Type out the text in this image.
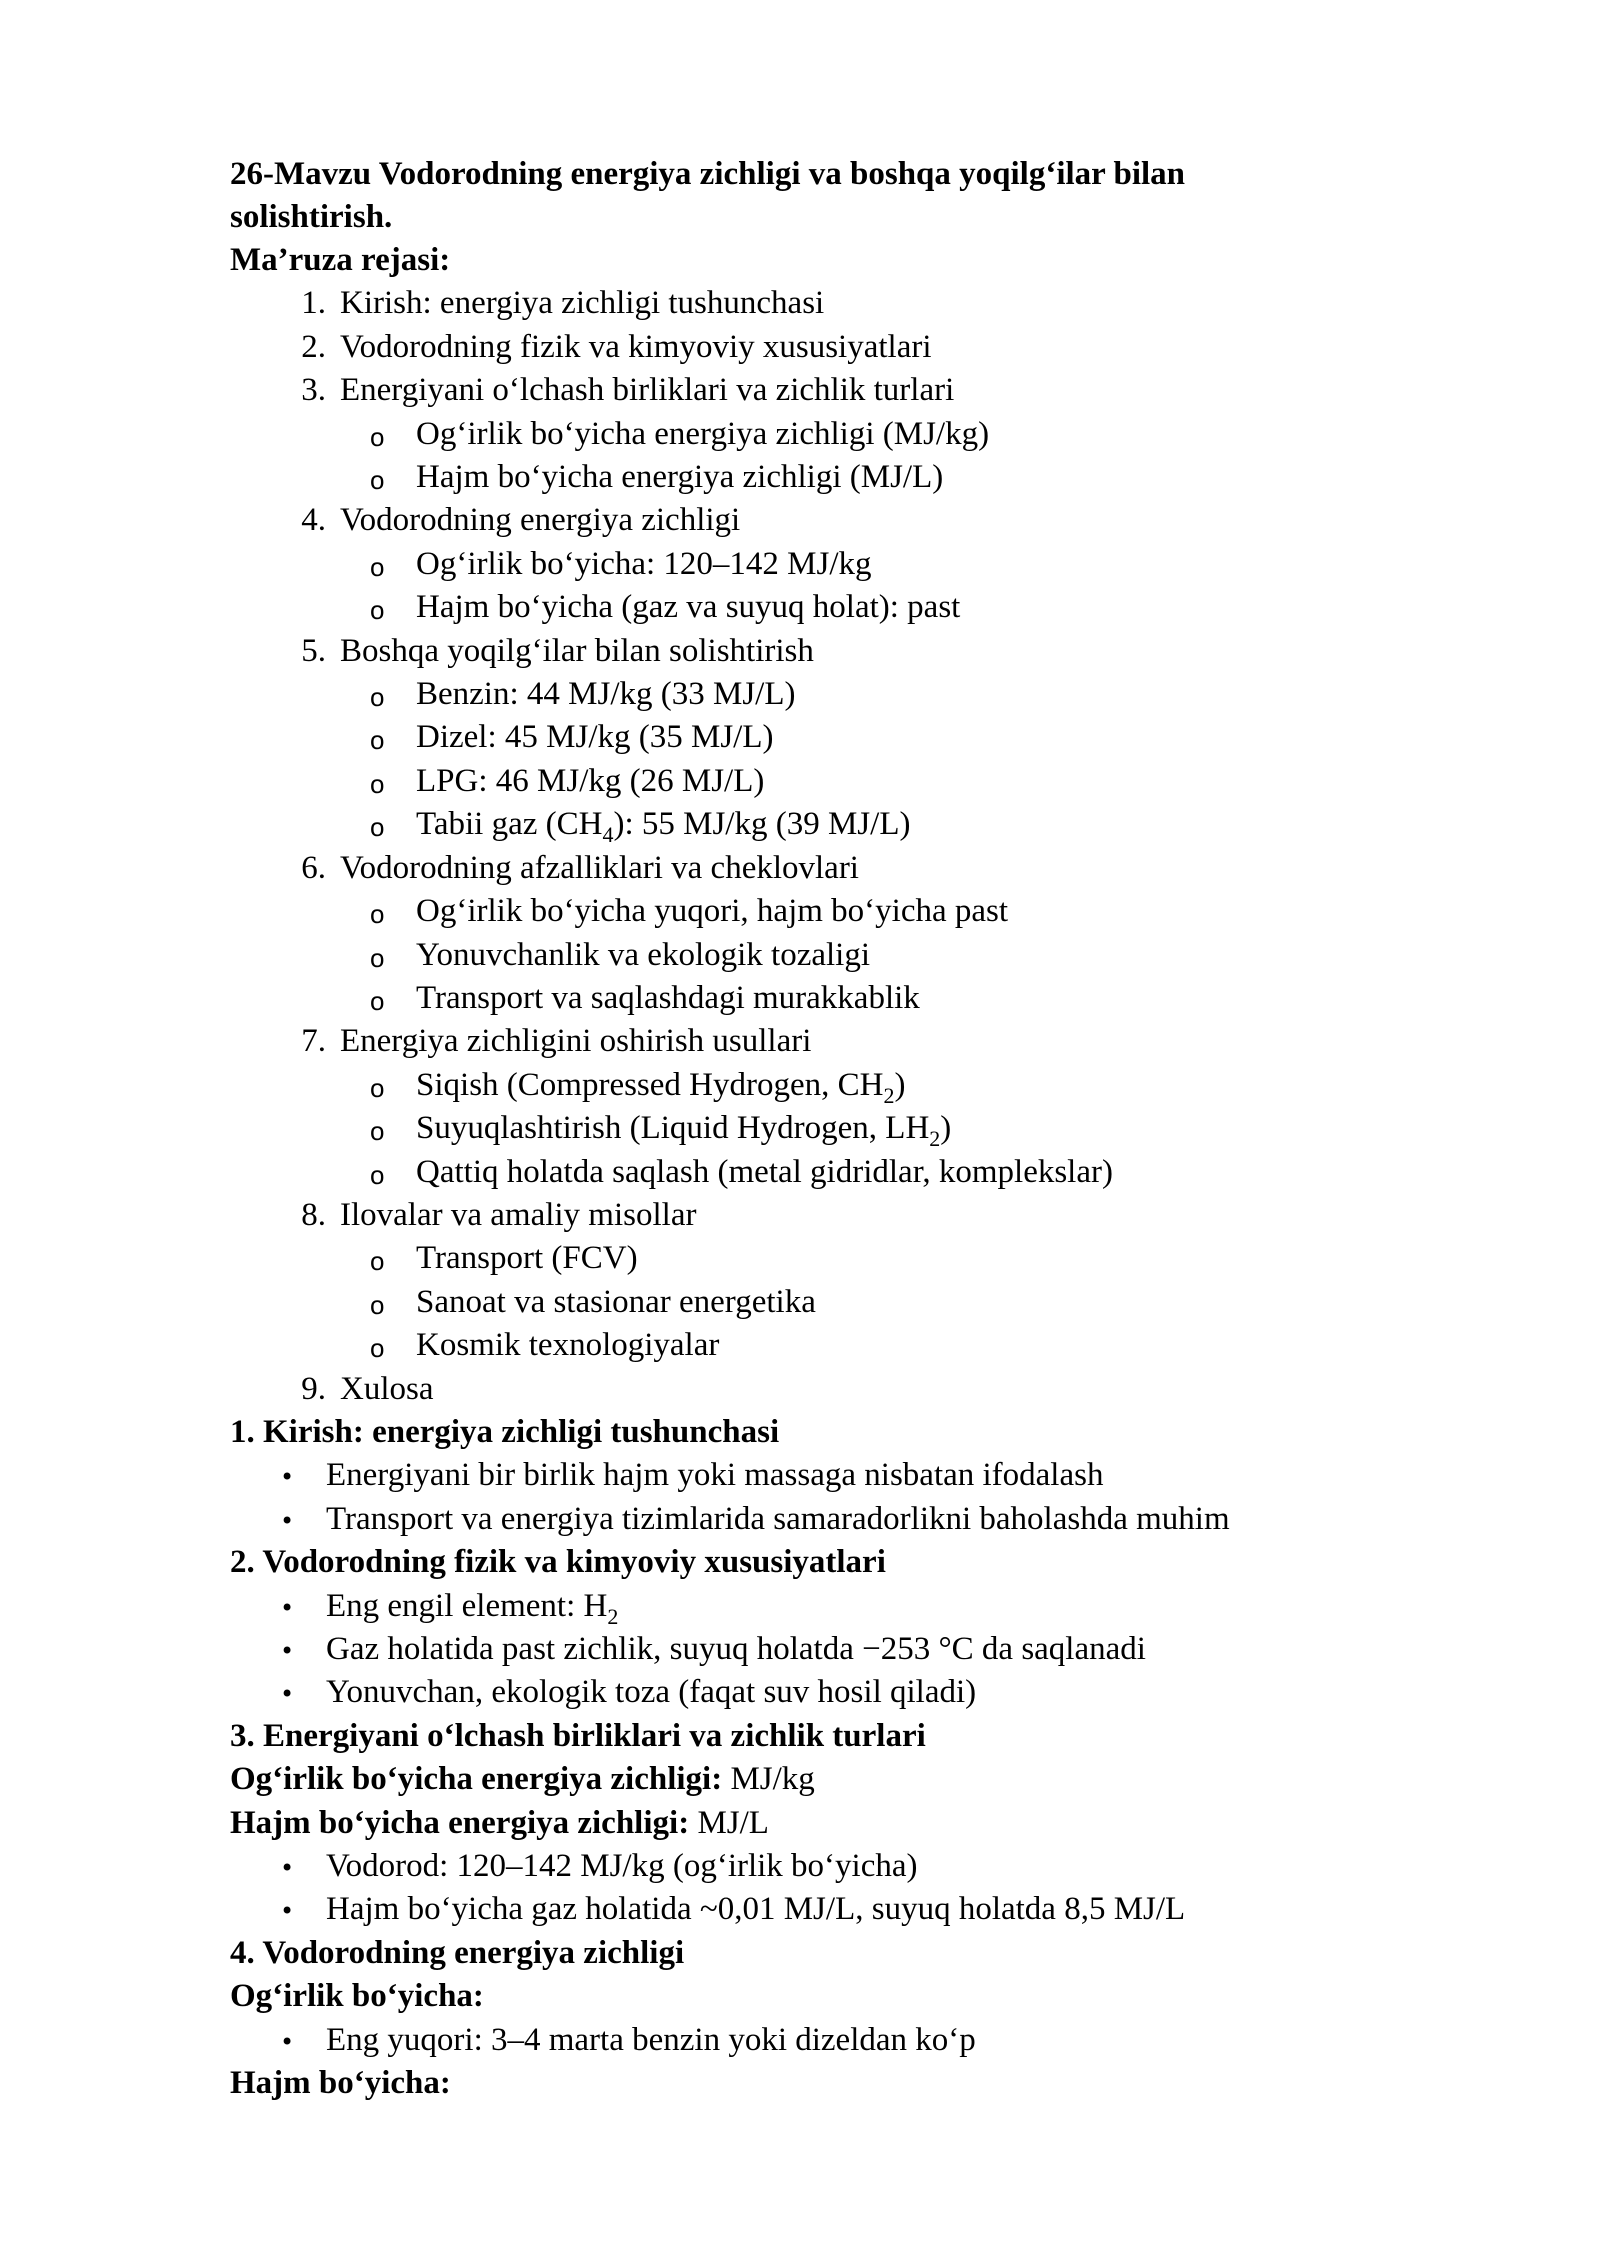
26-Mavzu Vodorodning energiya zichligi va boshqa yoqilg‘ilar bilan
solishtirish.
Ma’ruza rejasi:
1. Kirish: energiya zichligi tushunchasi
2. Vodorodning fizik va kimyoviy xususiyatlari
3. Energiyani o‘lchash birliklari va zichlik turlari
o Og‘irlik bo‘yicha energiya zichligi (MJ/kg)
o Hajm bo‘yicha energiya zichligi (MJ/L)
4. Vodorodning energiya zichligi
o Og‘irlik bo‘yicha: 120–142 MJ/kg
o Hajm bo‘yicha (gaz va suyuq holat): past
5. Boshqa yoqilg‘ilar bilan solishtirish
o Benzin: 44 MJ/kg (33 MJ/L)
o Dizel: 45 MJ/kg (35 MJ/L)
o LPG: 46 MJ/kg (26 MJ/L)
o Tabii gaz $(CH_4)$: 55 MJ/kg (39 MJ/L)
6. Vodorodning afzalliklari va cheklovlari
o Og‘irlik bo‘yicha yuqori, hajm bo‘yicha past
o Yonuvchanlik va ekologik tozaligi
o Transport va saqlashdagi murakkablik
7. Energiya zichligini oshirish usullari
o Siqish (Compressed Hydrogen, $CH_2$)
o Suyuqlashtirish (Liquid Hydrogen, $LH_2$)
o Qattiq holatda saqlash (metal gidridlar, komplekslar)
8. Ilovalar va amaliy misollar
o Transport (FCV)
o Sanoat va stasionar energetika
o Kosmik texnologiyalar
9. Xulosa
1. Kirish: energiya zichligi tushunchasi
• Energiyani bir birlik hajm yoki massaga nisbatan ifodalash
• Transport va energiya tizimlarida samaradorlikni baholashda muhim
2. Vodorodning fizik va kimyoviy xususiyatlari
• Eng engil element: $H_2$
• Gaz holatida past zichlik, suyuq holatda −253 °C da saqlanadi
• Yonuvchan, ekologik toza (faqat suv hosil qiladi)
3. Energiyani o‘lchash birliklari va zichlik turlari
Og‘irlik bo‘yicha energiya zichligi: MJ/kg
Hajm bo‘yicha energiya zichligi: MJ/L
• Vodorod: 120–142 MJ/kg (og‘irlik bo‘yicha)
• Hajm bo‘yicha gaz holatida ~0,01 MJ/L, suyuq holatda 8,5 MJ/L
4. Vodorodning energiya zichligi
Og‘irlik bo‘yicha:
• Eng yuqori: 3–4 marta benzin yoki dizeldan ko‘p
Hajm bo‘yicha:
